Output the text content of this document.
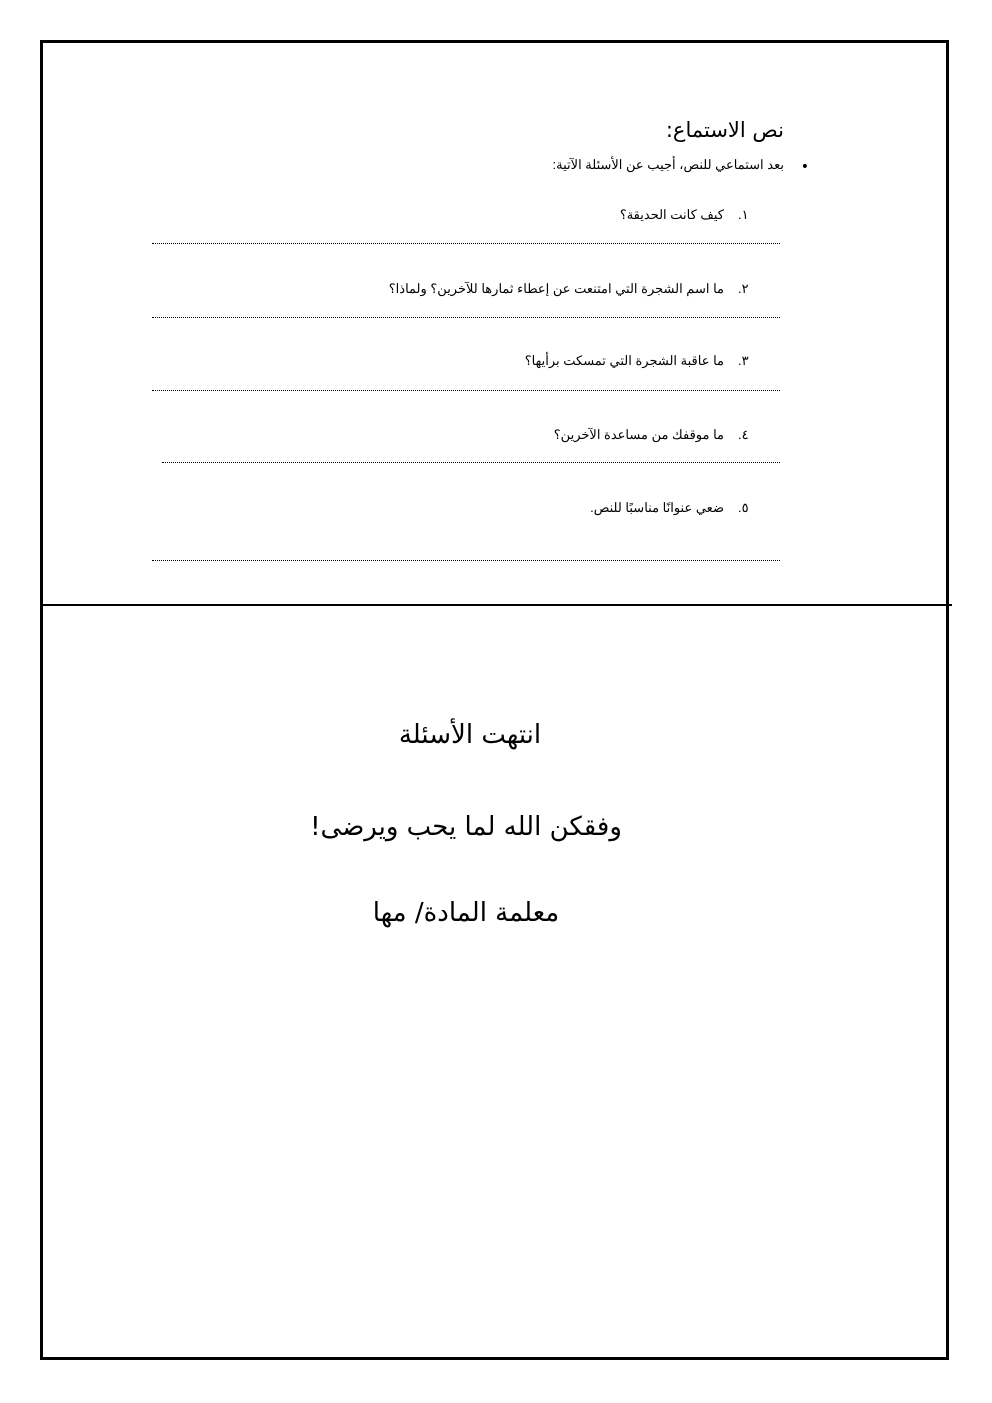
نص الاستماع:
•
بعد استماعي للنص، أجيب عن الأسئلة الآتية:
.١
كيف كانت الحديقة؟
.٢
ما اسم الشجرة التي امتنعت عن إعطاء ثمارها للآخرين؟ ولماذا؟
.٣
ما عاقبة الشجرة التي تمسكت برأيها؟
.٤
ما موقفك من مساعدة الآخرين؟
.٥
ضعي عنوانًا مناسبًا للنص.
انتهت الأسئلة
وفقكن الله لما يحب ويرضى!
معلمة المادة/ مها
